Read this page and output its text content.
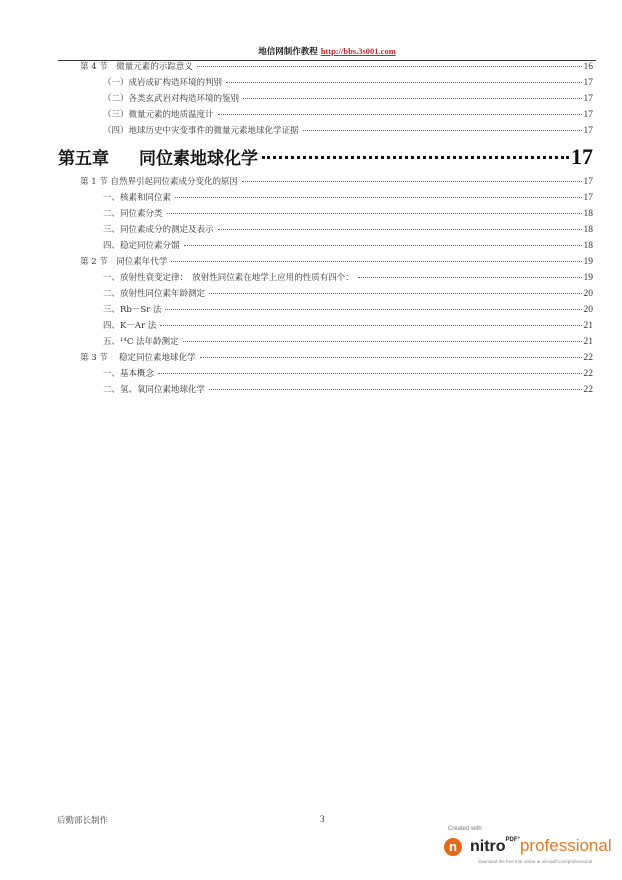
地信网制作教程 http://bbs.3s001.com
第 4 节　微量元素的示踪意义	16
（一）成岩成矿构造环境的判别	17
（二）各类玄武岩对构造环境的鉴别	17
（三）微量元素的地质温度计	17
（四）地球历史中灾变事件的微量元素地球化学证据	17
第五章 同位素地球化学	17
第 1 节 自然界引起同位素成分变化的原因	17
一、核素和同位素	17
二、同位素分类	18
三、同位素成分的测定及表示	18
四、稳定同位素分馏	18
第 2 节　同位素年代学	19
一、放射性衰变定律：　放射性同位素在地学上应用的性质有四个：	19
二、放射性同位素年龄测定	20
三、Rb－Sr 法	20
四、K－Ar 法	21
五、¹⁴C 法年龄测定	21
第 3 节　 稳定同位素地球化学	22
一、基本概念	22
二、氢、氧同位素地球化学	22
后勤部长制作	3
Created with
n nitro$^{PDF^\circ}$professional
download the free trial online at nitropdf.com/professional
